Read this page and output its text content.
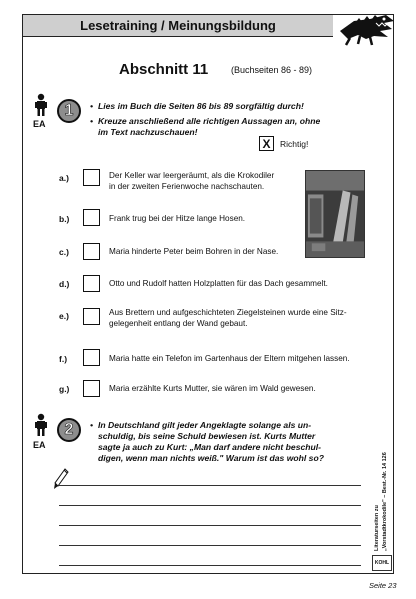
Lesetraining / Meinungsbildung
Abschnitt 11	(Buchseiten 86 - 89)
EA
1	• Lies im Buch die Seiten 86 bis 89 sorgfältig durch!
• Kreuze anschließend alle richtigen Aussagen an, ohne
im Text nachzuschauen!
X	Richtig!
a.)	Der Keller war leergeräumt, als die Krokodiler
in der zweiten Ferienwoche nachschauten.
b.)	Frank trug bei der Hitze lange Hosen.
c.)	Maria hinderte Peter beim Bohren in der Nase.
d.)	Otto und Rudolf hatten Holzplatten für das Dach gesammelt.
e.)	Aus Brettern und aufgeschichteten Ziegelsteinen wurde eine Sitz-
gelegenheit entlang der Wand gebaut.
f.)	Maria hatte ein Telefon im Gartenhaus der Eltern mitgehen lassen.
g.)	Maria erzählte Kurts Mutter, sie wären im Wald gewesen.
EA
2	• In Deutschland gilt jeder Angeklagte solange als un-
schuldig, bis seine Schuld bewiesen ist. Kurts Mutter
sagte ja auch zu Kurt: „Man darf andere nicht beschul-
digen, wenn man nichts weiß." Warum ist das wohl so?
Literaturseiten zu „Vorstadtkrokodile" – Best.-Nr. 14 126
KOHL
Seite 23
